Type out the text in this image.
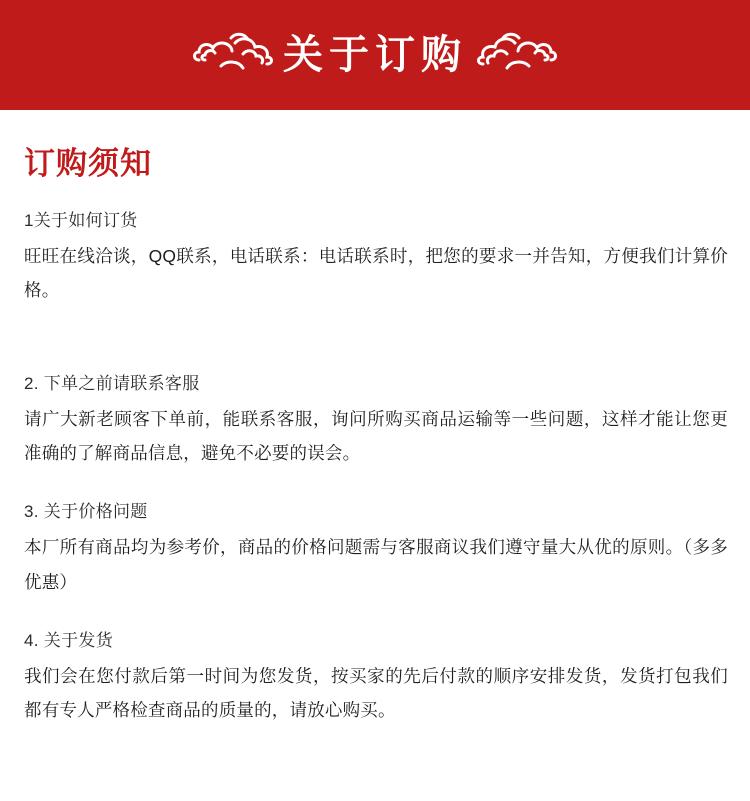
关于订购
订购须知

1关于如何订货

旺旺在线洽谈，QQ联系，电话联系：电话联系时，把您的要求一并告知，方便我们计算价格。

2. 下单之前请联系客服

请广大新老顾客下单前，能联系客服，询问所购买商品运输等一些问题，这样才能让您更准确的了解商品信息，避免不必要的误会。

3. 关于价格问题

本厂所有商品均为参考价，商品的价格问题需与客服商议我们遵守量大从优的原则。（多多优惠）

4. 关于发货

我们会在您付款后第一时间为您发货，按买家的先后付款的顺序安排发货，发货打包我们都有专人严格检查商品的质量的，请放心购买。
